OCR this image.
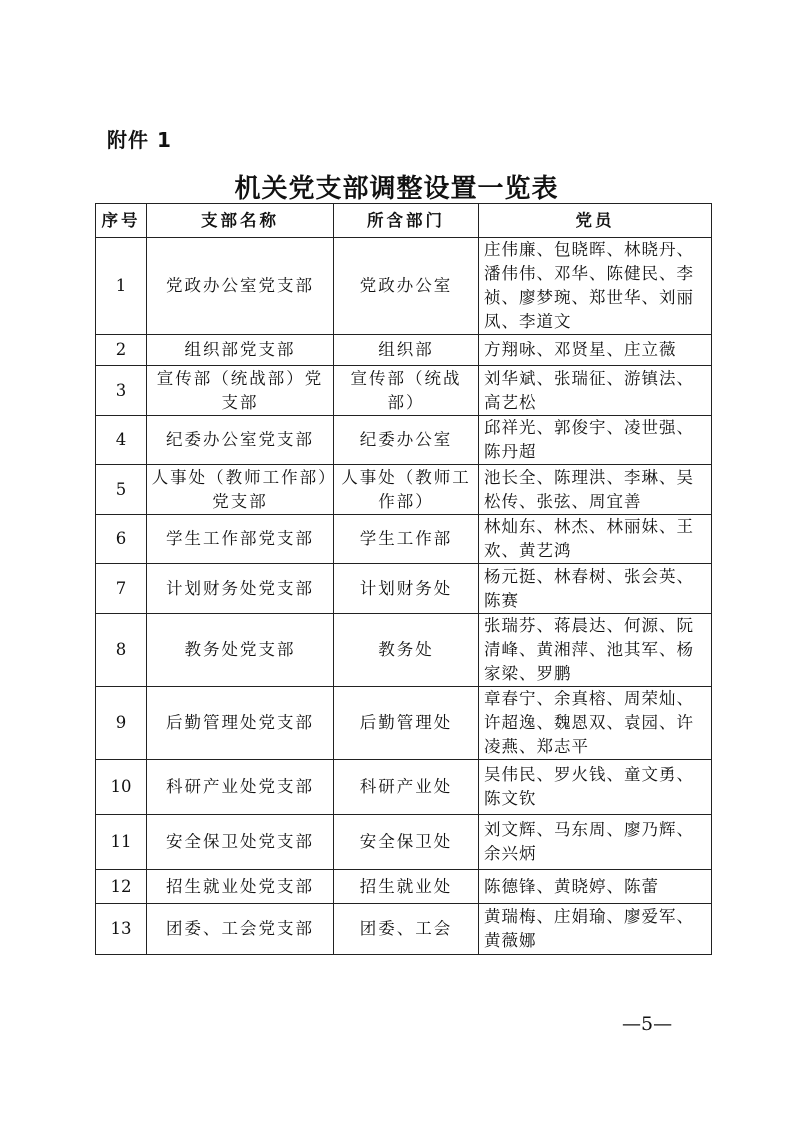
附件 1
机关党支部调整设置一览表
序号	支部名称	所含部门	党员
1	党政办公室党支部	党政办公室	庄伟廉、包晓晖、林晓丹、潘伟伟、邓华、陈健民、李祯、廖梦琬、郑世华、刘丽凤、李道文
2	组织部党支部	组织部	方翔咏、邓贤星、庄立薇
3	宣传部（统战部）党支部	宣传部（统战部）	刘华斌、张瑞征、游镇法、高艺松
4	纪委办公室党支部	纪委办公室	邱祥光、郭俊宇、凌世强、陈丹超
5	人事处（教师工作部）党支部	人事处（教师工作部）	池长全、陈理洪、李琳、吴松传、张弦、周宜善
6	学生工作部党支部	学生工作部	林灿东、林杰、林丽妹、王欢、黄艺鸿
7	计划财务处党支部	计划财务处	杨元挺、林春树、张会英、陈赛
8	教务处党支部	教务处	张瑞芬、蒋晨达、何源、阮清峰、黄湘萍、池其军、杨家梁、罗鹏
9	后勤管理处党支部	后勤管理处	章春宁、余真榕、周荣灿、许超逸、魏恩双、袁园、许凌燕、郑志平
10	科研产业处党支部	科研产业处	吴伟民、罗火钱、童文勇、陈文钦
11	安全保卫处党支部	安全保卫处	刘文辉、马东周、廖乃辉、余兴炳
12	招生就业处党支部	招生就业处	陈德锋、黄晓婷、陈蕾
13	团委、工会党支部	团委、工会	黄瑞梅、庄娟瑜、廖爱军、黄薇娜
—5—
